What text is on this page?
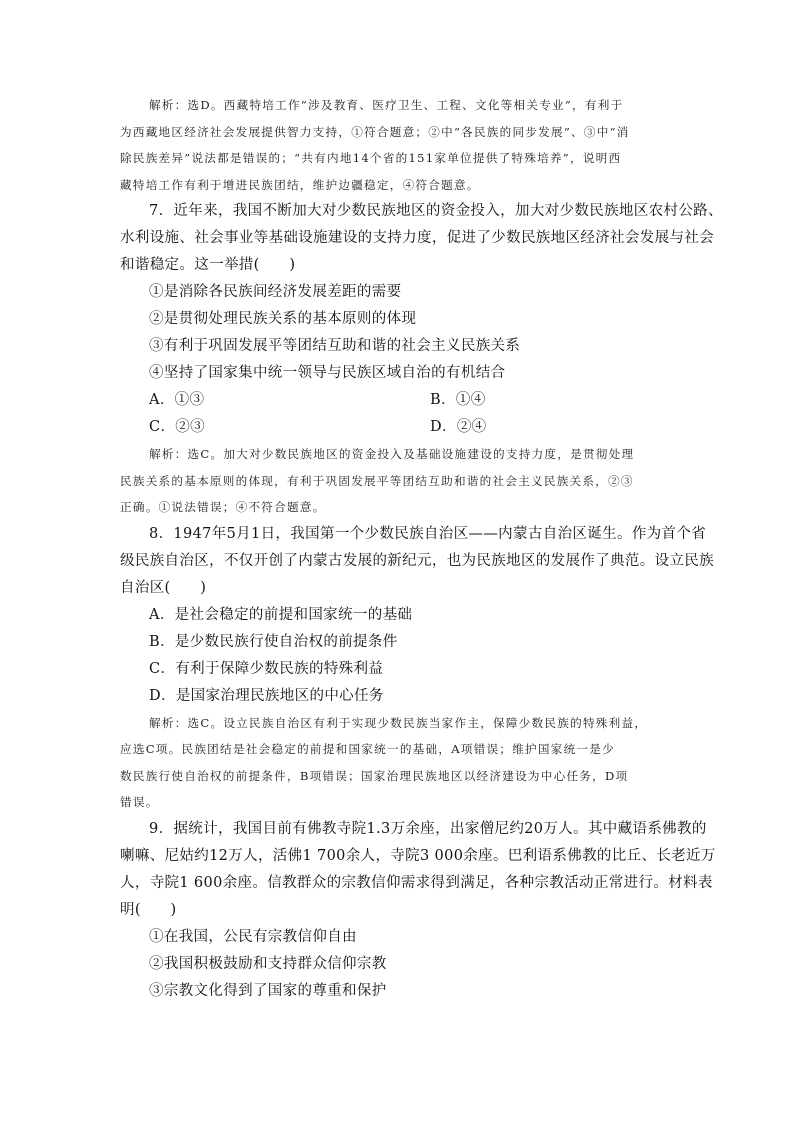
解析：选D。西藏特培工作“涉及教育、医疗卫生、工程、文化等相关专业”，有利于
为西藏地区经济社会发展提供智力支持，①符合题意；②中“各民族的同步发展”、③中“消
除民族差异”说法都是错误的；“共有内地14个省的151家单位提供了特殊培养”，说明西
藏特培工作有利于增进民族团结，维护边疆稳定，④符合题意。
7．近年来，我国不断加大对少数民族地区的资金投入，加大对少数民族地区农村公路、
水利设施、社会事业等基础设施建设的支持力度，促进了少数民族地区经济社会发展与社会
和谐稳定。这一举措(　　)
①是消除各民族间经济发展差距的需要
②是贯彻处理民族关系的基本原则的体现
③有利于巩固发展平等团结互助和谐的社会主义民族关系
④坚持了国家集中统一领导与民族区域自治的有机结合
A．①③	B．①④
C．②③	D．②④
解析：选C。加大对少数民族地区的资金投入及基础设施建设的支持力度，是贯彻处理
民族关系的基本原则的体现，有利于巩固发展平等团结互助和谐的社会主义民族关系，②③
正确。①说法错误；④不符合题意。
8．1947年5月1日，我国第一个少数民族自治区——内蒙古自治区诞生。作为首个省
级民族自治区，不仅开创了内蒙古发展的新纪元，也为民族地区的发展作了典范。设立民族
自治区(　　)
A．是社会稳定的前提和国家统一的基础
B．是少数民族行使自治权的前提条件
C．有利于保障少数民族的特殊利益
D．是国家治理民族地区的中心任务
解析：选C。设立民族自治区有利于实现少数民族当家作主，保障少数民族的特殊利益，
应选C项。民族团结是社会稳定的前提和国家统一的基础，A项错误；维护国家统一是少
数民族行使自治权的前提条件，B项错误；国家治理民族地区以经济建设为中心任务，D项
错误。
9．据统计，我国目前有佛教寺院1.3万余座，出家僧尼约20万人。其中藏语系佛教的
喇嘛、尼姑约12万人，活佛1 700余人，寺院3 000余座。巴利语系佛教的比丘、长老近万
人，寺院1 600余座。信教群众的宗教信仰需求得到满足，各种宗教活动正常进行。材料表
明(　　)
①在我国，公民有宗教信仰自由
②我国积极鼓励和支持群众信仰宗教
③宗教文化得到了国家的尊重和保护
